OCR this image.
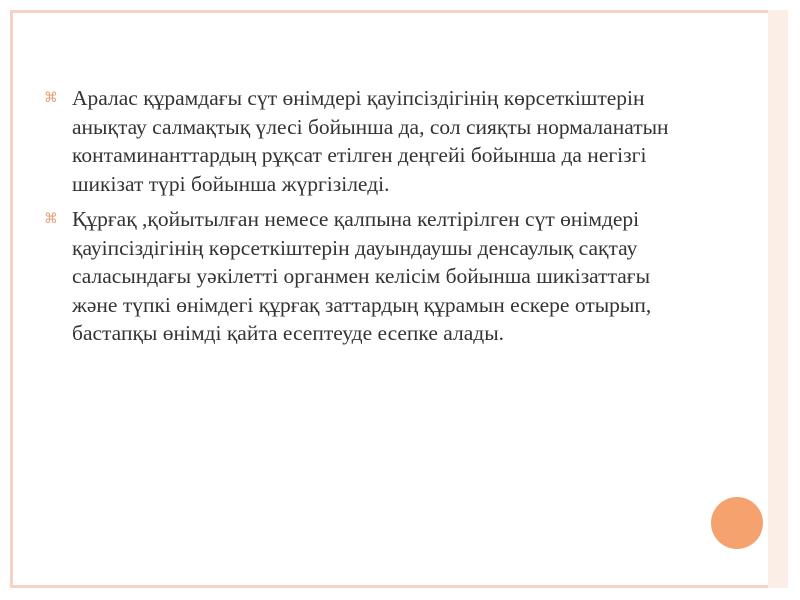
⌘ Аралас құрамдағы сүт өнімдері қауіпсіздігінің көрсеткіштерін анықтау салмақтық үлесі бойынша да, сол сияқты нормаланатын контаминанттардың рұқсат етілген деңгейі бойынша да негізгі шикізат түрі бойынша жүргізіледі.
⌘ Құрғақ ,қойытылған немесе қалпына келтірілген сүт өнімдері қауіпсіздігінің көрсеткіштерін дауындаушы денсаулық сақтау саласындағы уәкілетті органмен келісім бойынша шикізаттағы және түпкі өнімдегі құрғақ заттардың құрамын ескере отырып, бастапқы өнімді қайта есептеуде есепке алады.
